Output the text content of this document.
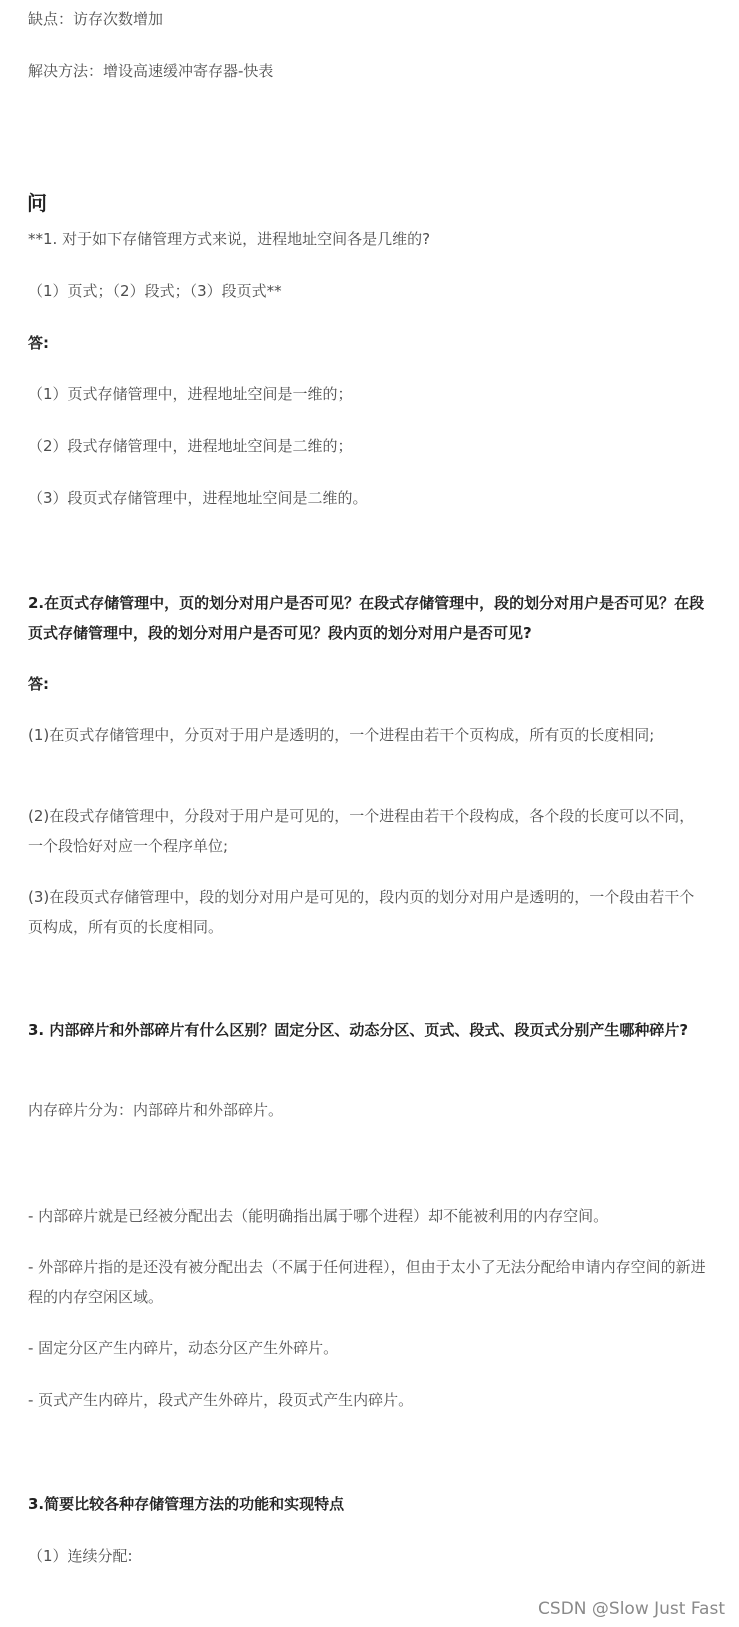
缺点：访存次数增加
解决方法：增设高速缓冲寄存器-快表
问
**1. 对于如下存储管理方式来说，进程地址空间各是几维的?
（1）页式；（2）段式；（3）段页式**
答:
（1）页式存储管理中，进程地址空间是一维的；
（2）段式存储管理中，进程地址空间是二维的；
（3）段页式存储管理中，进程地址空间是二维的。
2.在页式存储管理中，页的划分对用户是否可见？在段式存储管理中，段的划分对用户是否可见？在段页式存储管理中，段的划分对用户是否可见？段内页的划分对用户是否可见?
答:
(1)在页式存储管理中，分页对于用户是透明的，一个进程由若干个页构成，所有页的长度相同;
(2)在段式存储管理中，分段对于用户是可见的，一个进程由若干个段构成，各个段的长度可以不同，一个段恰好对应一个程序单位;
(3)在段页式存储管理中，段的划分对用户是可见的，段内页的划分对用户是透明的，一个段由若干个页构成，所有页的长度相同。
3. 内部碎片和外部碎片有什么区别？固定分区、动态分区、页式、段式、段页式分别产生哪种碎片?
内存碎片分为：内部碎片和外部碎片。
- 内部碎片就是已经被分配出去（能明确指出属于哪个进程）却不能被利用的内存空间。
- 外部碎片指的是还没有被分配出去（不属于任何进程），但由于太小了无法分配给申请内存空间的新进程的内存空闲区域。
- 固定分区产生内碎片，动态分区产生外碎片。
- 页式产生内碎片，段式产生外碎片，段页式产生内碎片。
3.简要比较各种存储管理方法的功能和实现特点
（1）连续分配:
CSDN @Slow Just Fast
